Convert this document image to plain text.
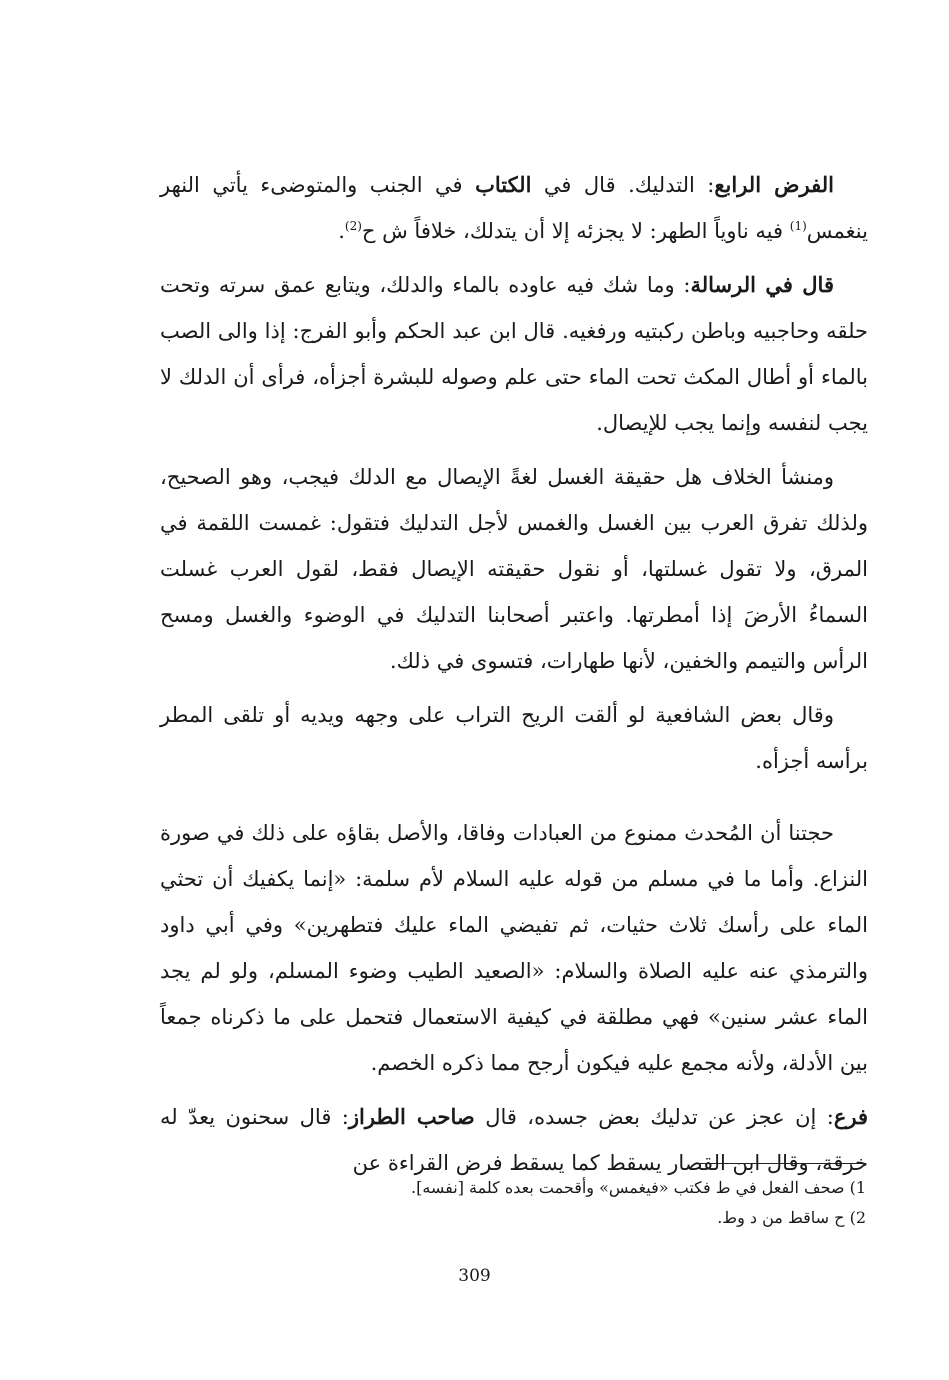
الفرض الرابع: التدليك. قال في الكتاب في الجنب والمتوضىء يأتي النهر ينغمس$^{(1)}$ فيه ناوياً الطهر: لا يجزئه إلا أن يتدلك، خلافاً ش ح$^{(2)}$.

قال في الرسالة: وما شك فيه عاوده بالماء والدلك، ويتابع عمق سرته وتحت حلقه وحاجبيه وباطن ركبتيه ورفغيه. قال ابن عبد الحكم وأبو الفرج: إذا والى الصب بالماء أو أطال المكث تحت الماء حتى علم وصوله للبشرة أجزأه، فرأى أن الدلك لا يجب لنفسه وإنما يجب للإيصال.

ومنشأ الخلاف هل حقيقة الغسل لغةً الإيصال مع الدلك فيجب، وهو الصحيح، ولذلك تفرق العرب بين الغسل والغمس لأجل التدليك فتقول: غمست اللقمة في المرق، ولا تقول غسلتها، أو نقول حقيقته الإيصال فقط، لقول العرب غسلت السماءُ الأرضَ إذا أمطرتها. واعتبر أصحابنا التدليك في الوضوء والغسل ومسح الرأس والتيمم والخفين، لأنها طهارات، فتسوى في ذلك.

وقال بعض الشافعية لو ألقت الريح التراب على وجهه ويديه أو تلقى المطر برأسه أجزأه.

حجتنا أن المُحدث ممنوع من العبادات وفاقا، والأصل بقاؤه على ذلك في صورة النزاع. وأما ما في مسلم من قوله عليه السلام لأم سلمة: «إنما يكفيك أن تحثي الماء على رأسك ثلاث حثيات، ثم تفيضي الماء عليك فتطهرين» وفي أبي داود والترمذي عنه عليه الصلاة والسلام: «الصعيد الطيب وضوء المسلم، ولو لم يجد الماء عشر سنين» فهي مطلقة في كيفية الاستعمال فتحمل على ما ذكرناه جمعاً بين الأدلة، ولأنه مجمع عليه فيكون أرجح مما ذكره الخصم.

فرع: إن عجز عن تدليك بعض جسده، قال صاحب الطراز: قال سحنون يعدّ له خرقة، وقال ابن القصار يسقط كما يسقط فرض القراءة عن

1) صحف الفعل في ط فكتب «فيغمس» وأقحمت بعده كلمة [نفسه].

2) ح ساقط من د وط.

309
